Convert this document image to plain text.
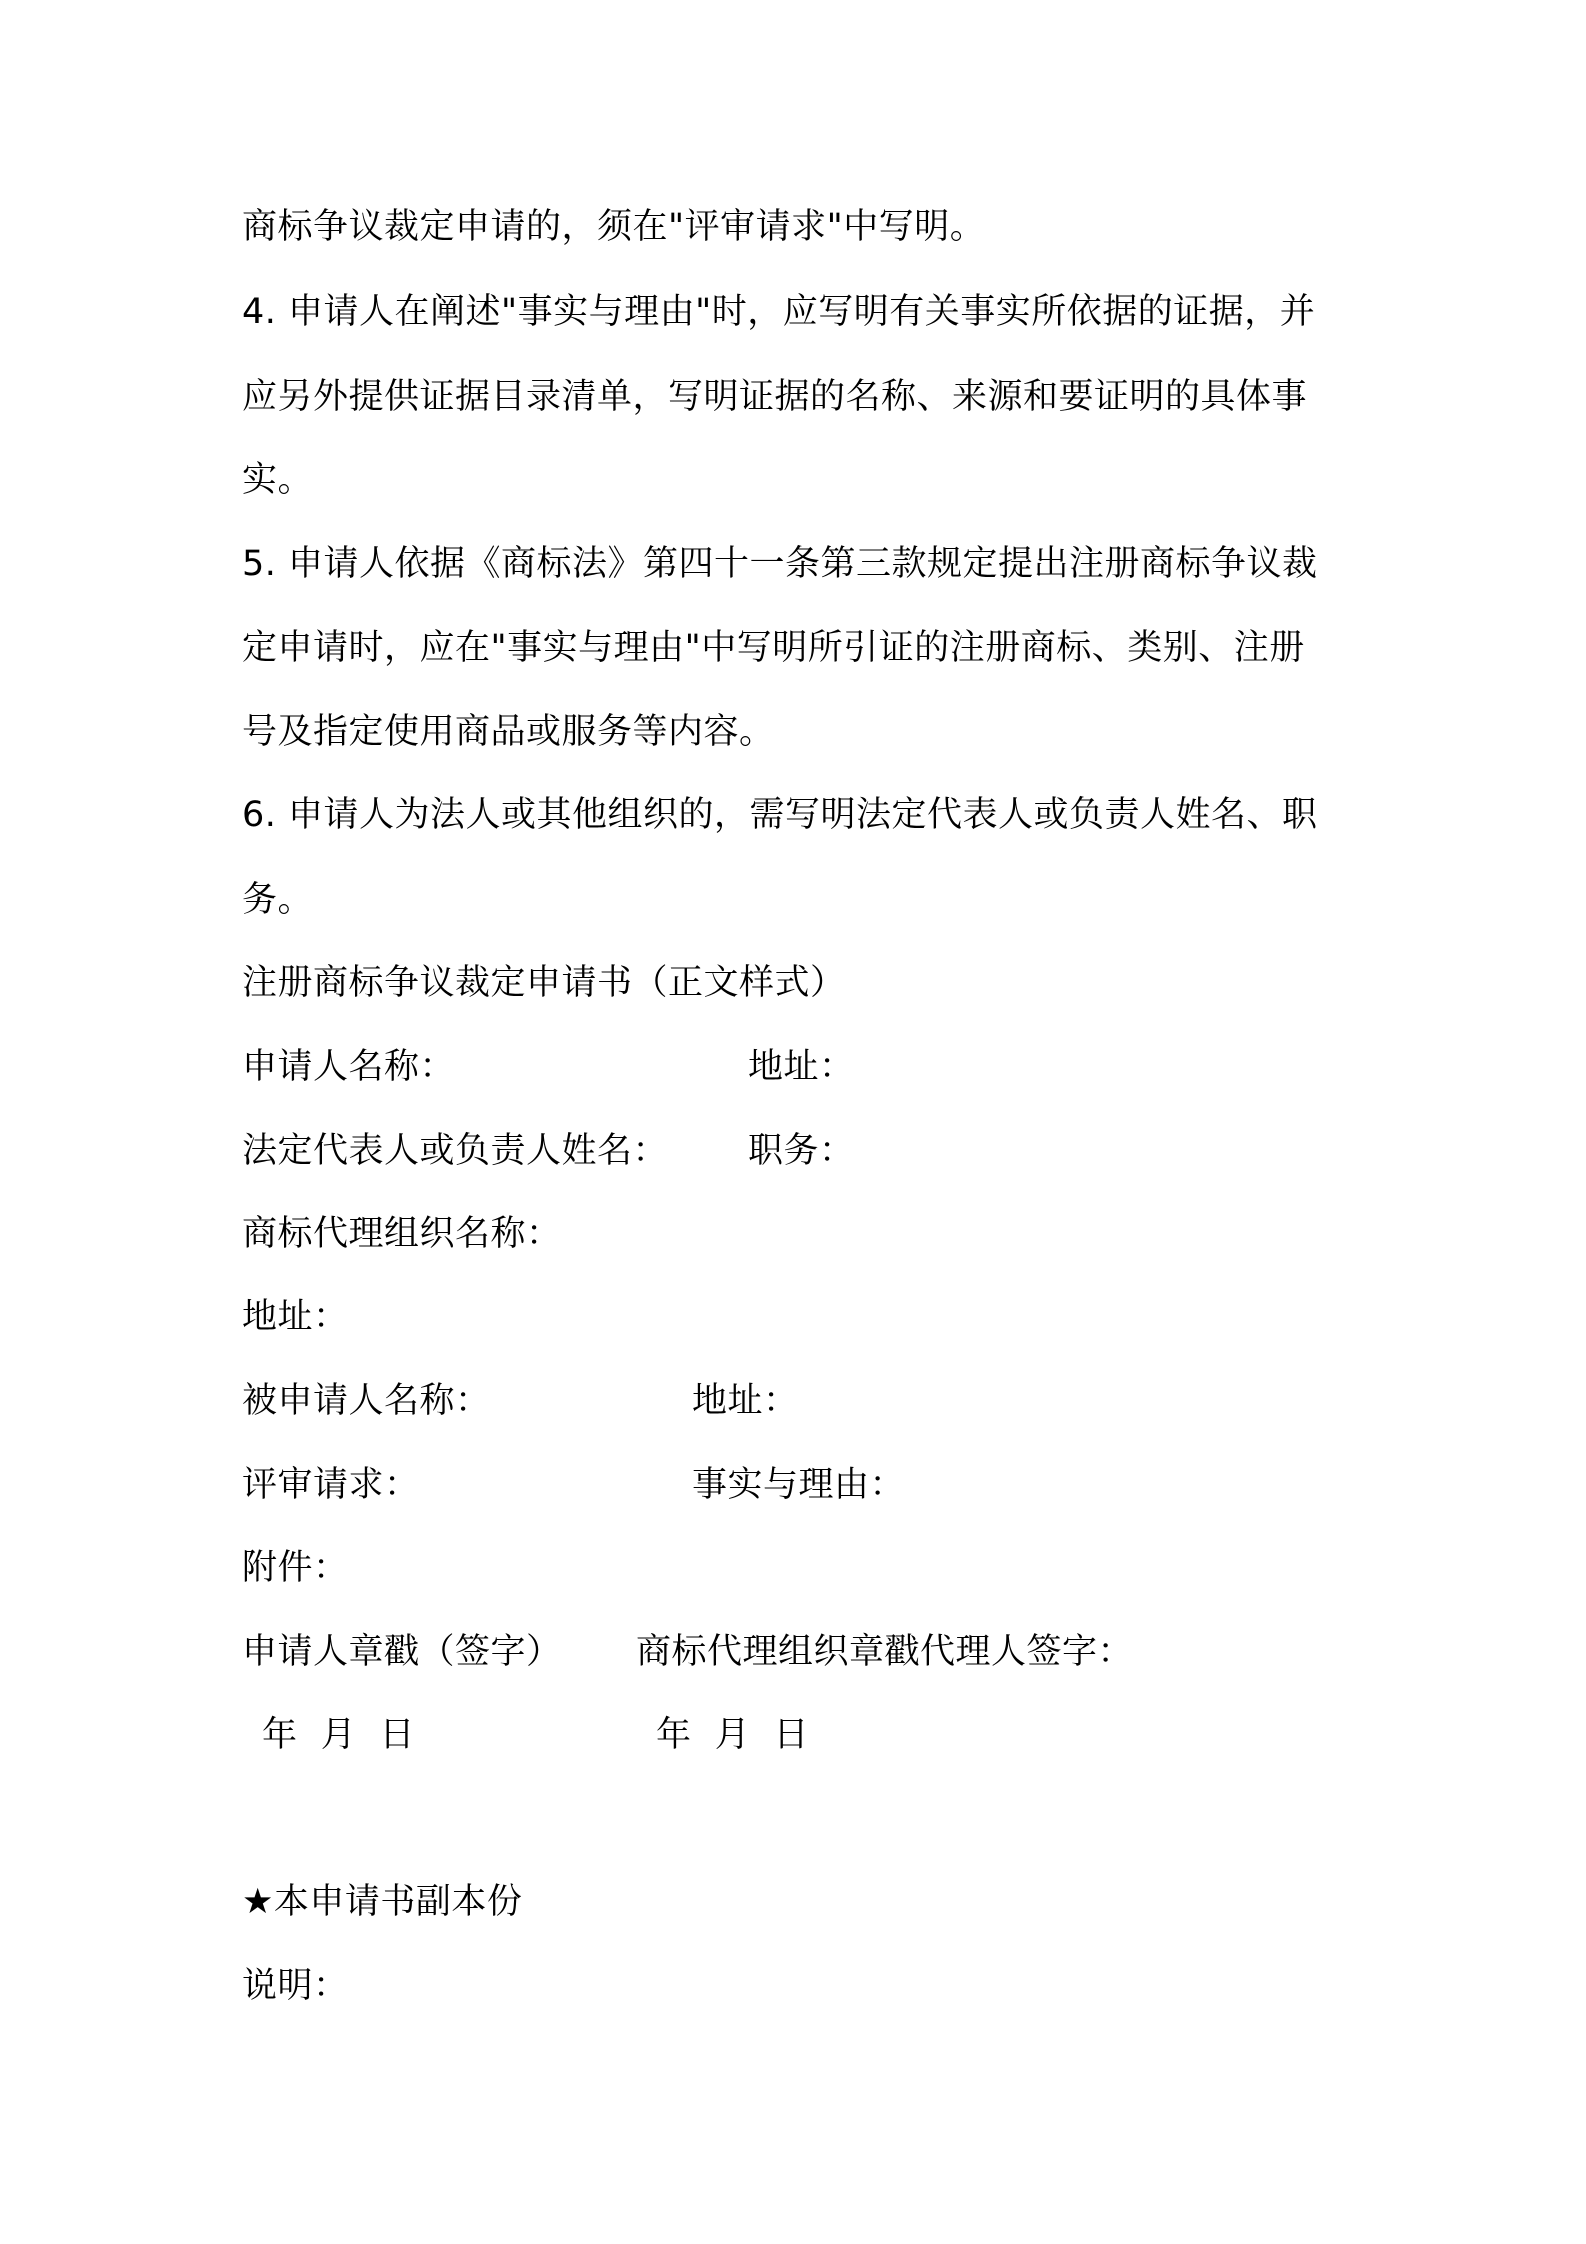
商标争议裁定申请的，须在"评审请求"中写明。
4. 申请人在阐述"事实与理由"时，应写明有关事实所依据的证据，并
应另外提供证据目录清单，写明证据的名称、来源和要证明的具体事
实。
5. 申请人依据《商标法》第四十一条第三款规定提出注册商标争议裁
定申请时，应在"事实与理由"中写明所引证的注册商标、类别、注册
号及指定使用商品或服务等内容。
6. 申请人为法人或其他组织的，需写明法定代表人或负责人姓名、职
务。
注册商标争议裁定申请书（正文样式）
申请人名称：	地址：
法定代表人或负责人姓名： 职务：
商标代理组织名称：
地址：
被申请人名称：	地址：
评审请求：	事实与理由：
附件：
申请人章戳（签字） 商标代理组织章戳代理人签字：
年  月  日	年  月  日
★本申请书副本份
说明：
